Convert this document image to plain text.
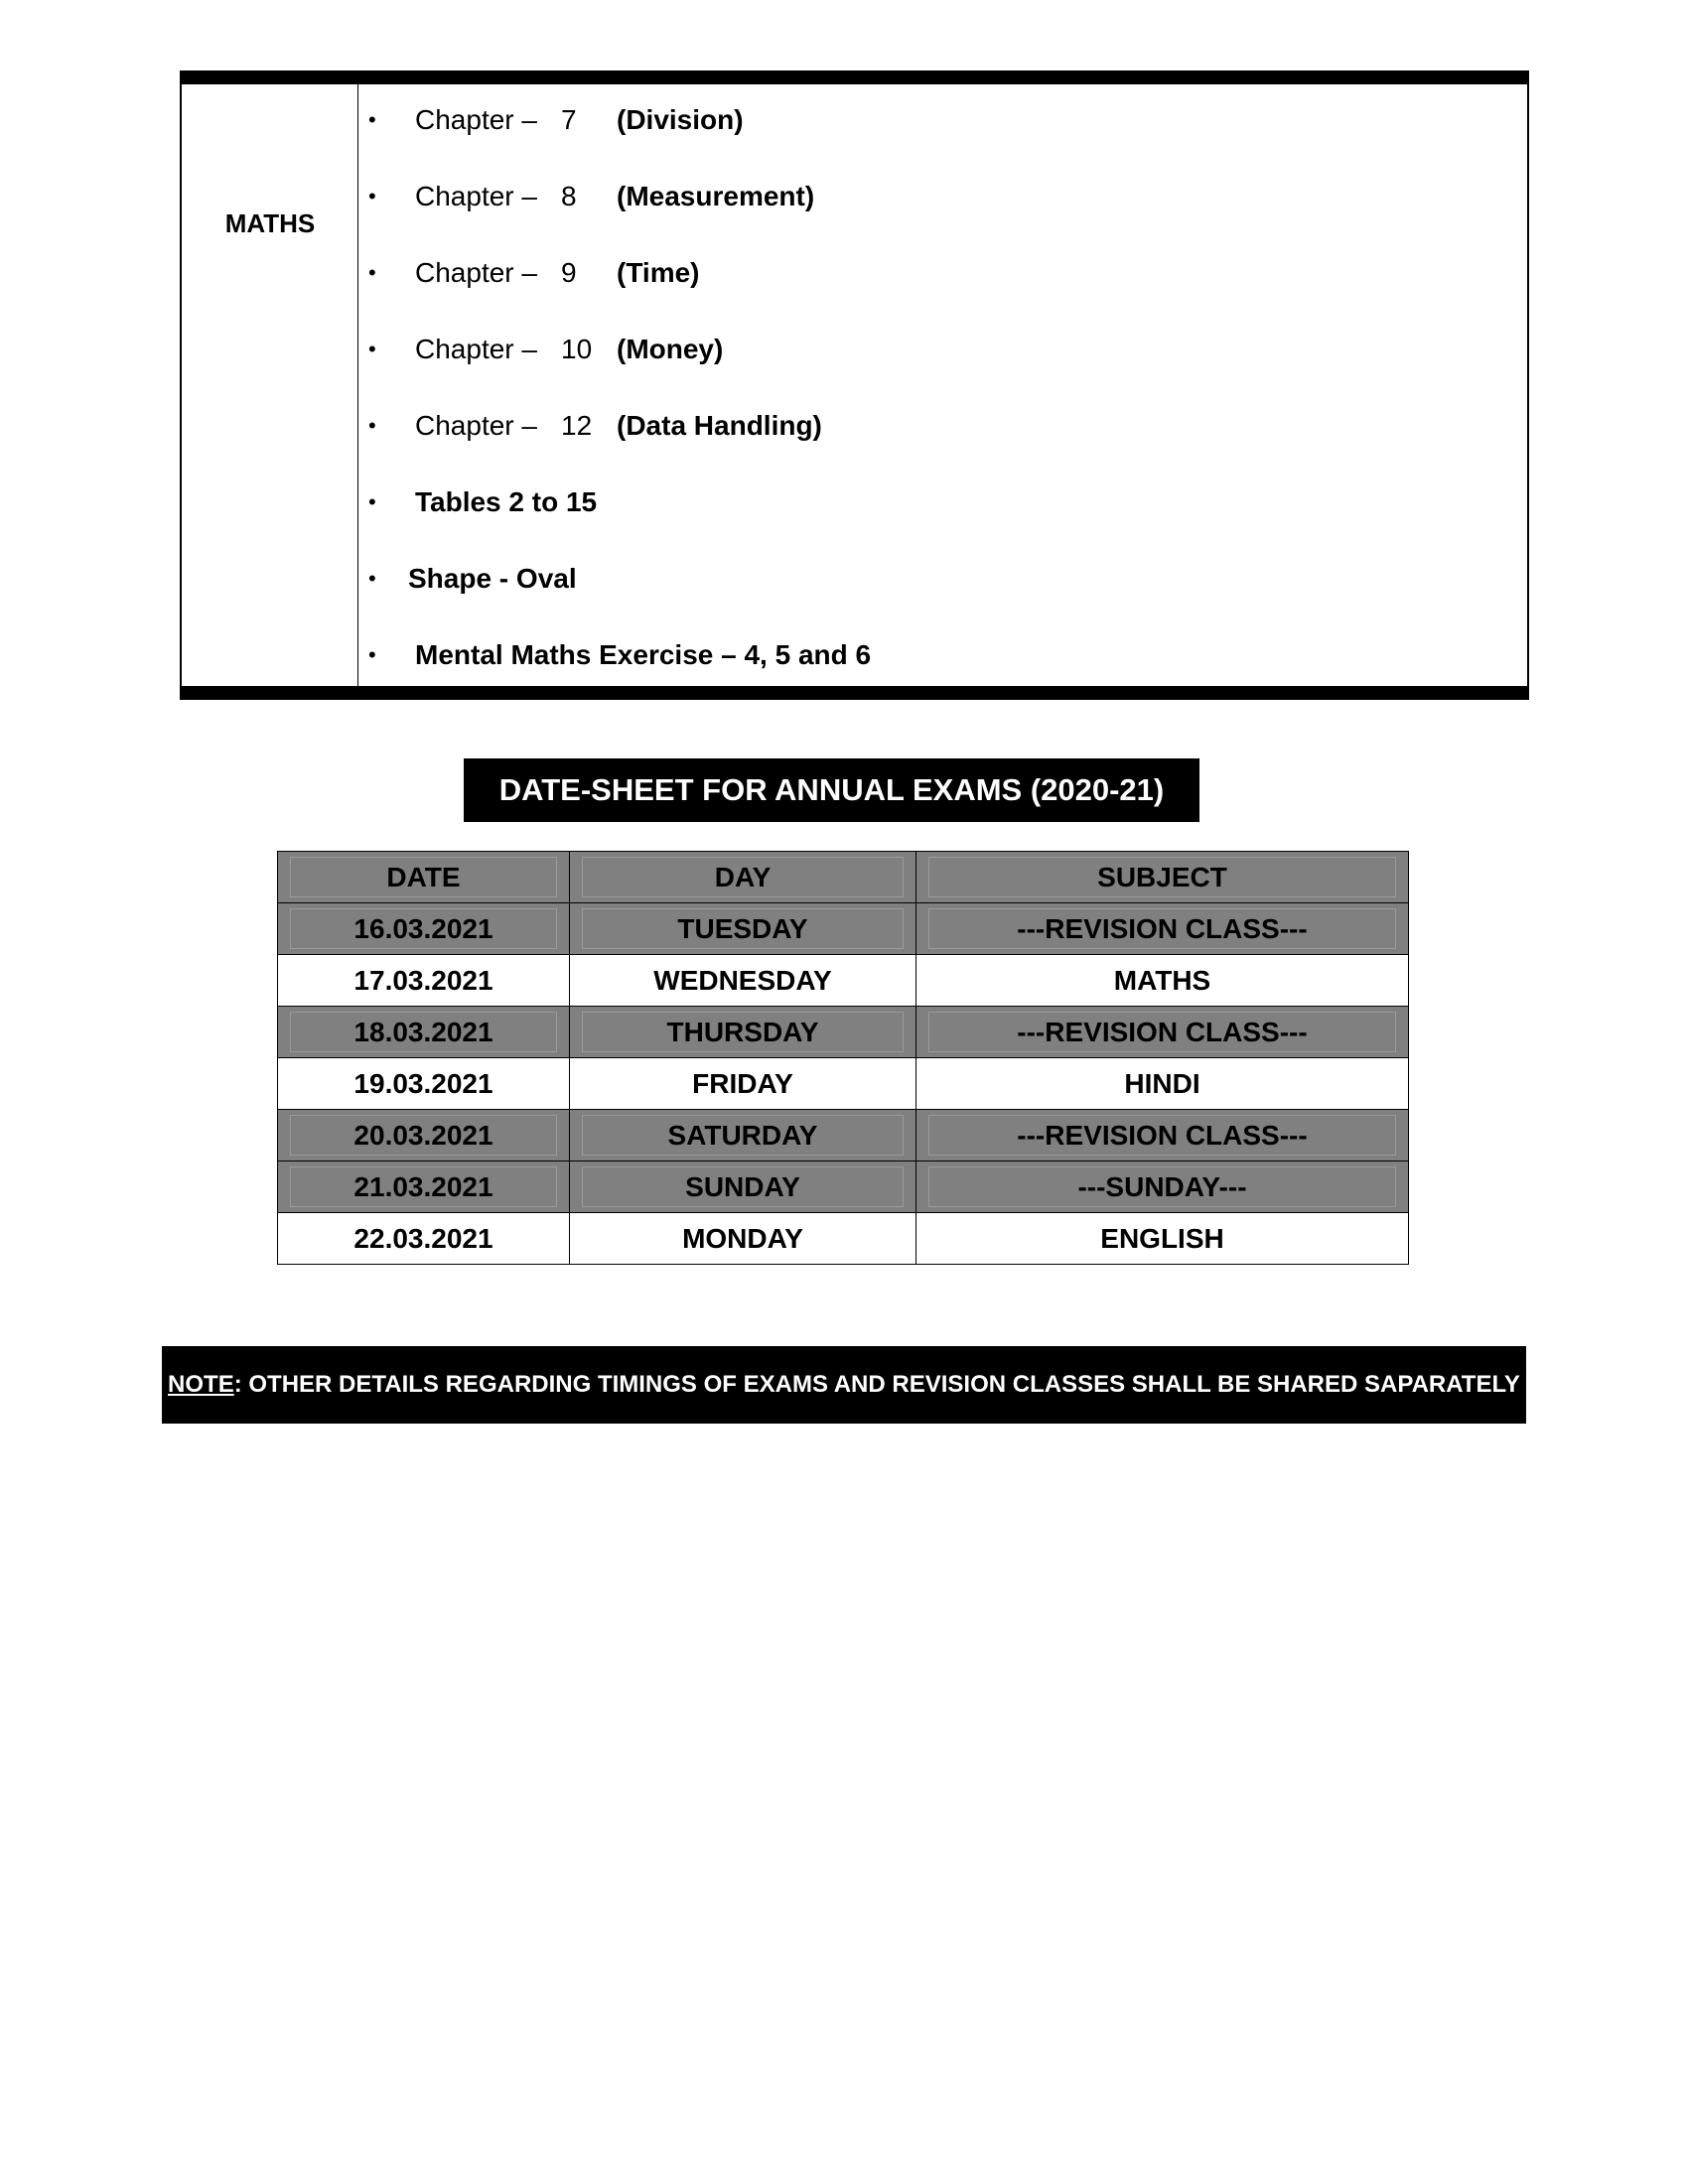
MATHS
• Chapter – 7 (Division)
• Chapter – 8 (Measurement)
• Chapter – 9 (Time)
• Chapter – 10 (Money)
• Chapter – 12 (Data Handling)
• Tables 2 to 15
• Shape - Oval
• Mental Maths Exercise – 4, 5 and 6
DATE-SHEET FOR ANNUAL EXAMS (2020-21)
DATE	DAY	SUBJECT
16.03.2021	TUESDAY	---REVISION CLASS---
17.03.2021	WEDNESDAY	MATHS
18.03.2021	THURSDAY	---REVISION CLASS---
19.03.2021	FRIDAY	HINDI
20.03.2021	SATURDAY	---REVISION CLASS---
21.03.2021	SUNDAY	---SUNDAY---
22.03.2021	MONDAY	ENGLISH
NOTE: OTHER DETAILS REGARDING TIMINGS OF EXAMS AND REVISION CLASSES SHALL BE SHARED SAPARATELY
